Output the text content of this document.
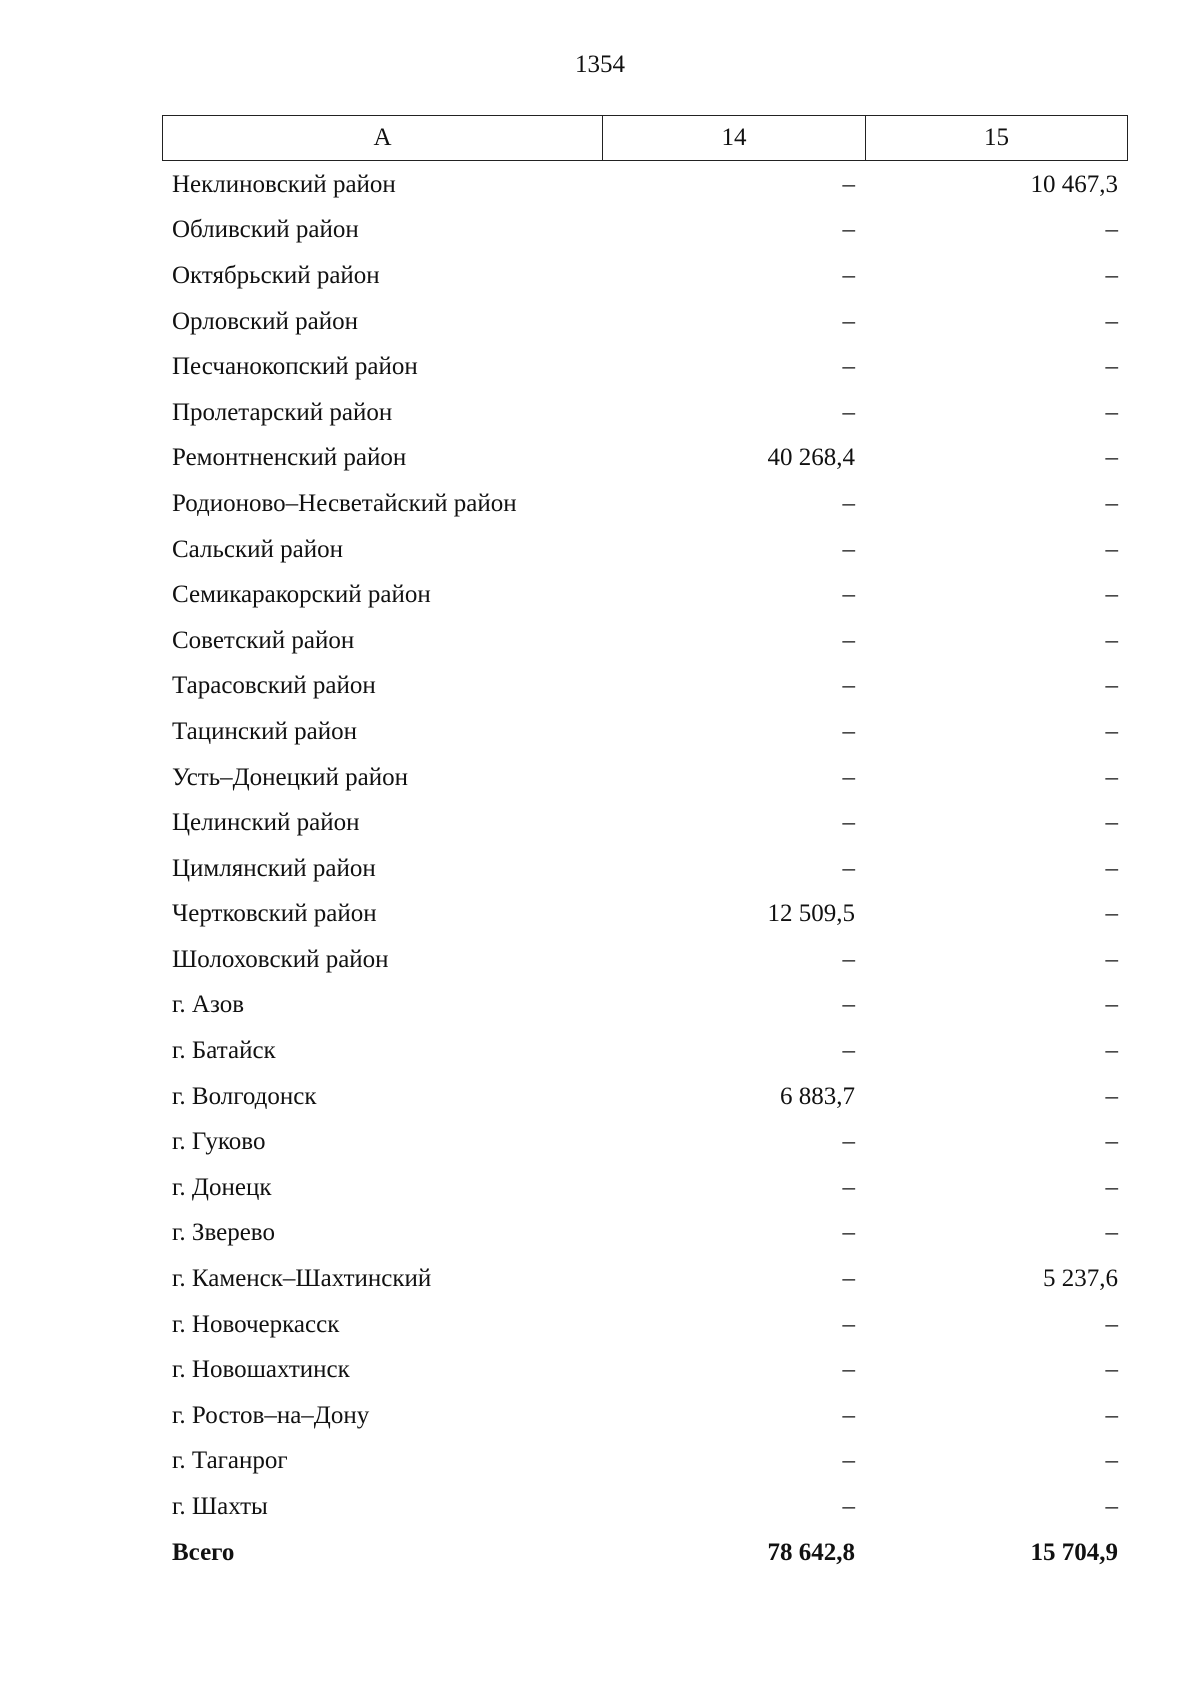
1354
А	14	15
Неклиновский район	–	10 467,3
Обливский район	–	–
Октябрьский район	–	–
Орловский район	–	–
Песчанокопский район	–	–
Пролетарский район	–	–
Ремонтненский район	40 268,4	–
Родионово–Несветайский район	–	–
Сальский район	–	–
Семикаракорский район	–	–
Советский район	–	–
Тарасовский район	–	–
Тацинский район	–	–
Усть–Донецкий район	–	–
Целинский район	–	–
Цимлянский район	–	–
Чертковский район	12 509,5	–
Шолоховский район	–	–
г. Азов	–	–
г. Батайск	–	–
г. Волгодонск	6 883,7	–
г. Гуково	–	–
г. Донецк	–	–
г. Зверево	–	–
г. Каменск–Шахтинский	–	5 237,6
г. Новочеркасск	–	–
г. Новошахтинск	–	–
г. Ростов–на–Дону	–	–
г. Таганрог	–	–
г. Шахты	–	–
Всего	78 642,8	15 704,9
